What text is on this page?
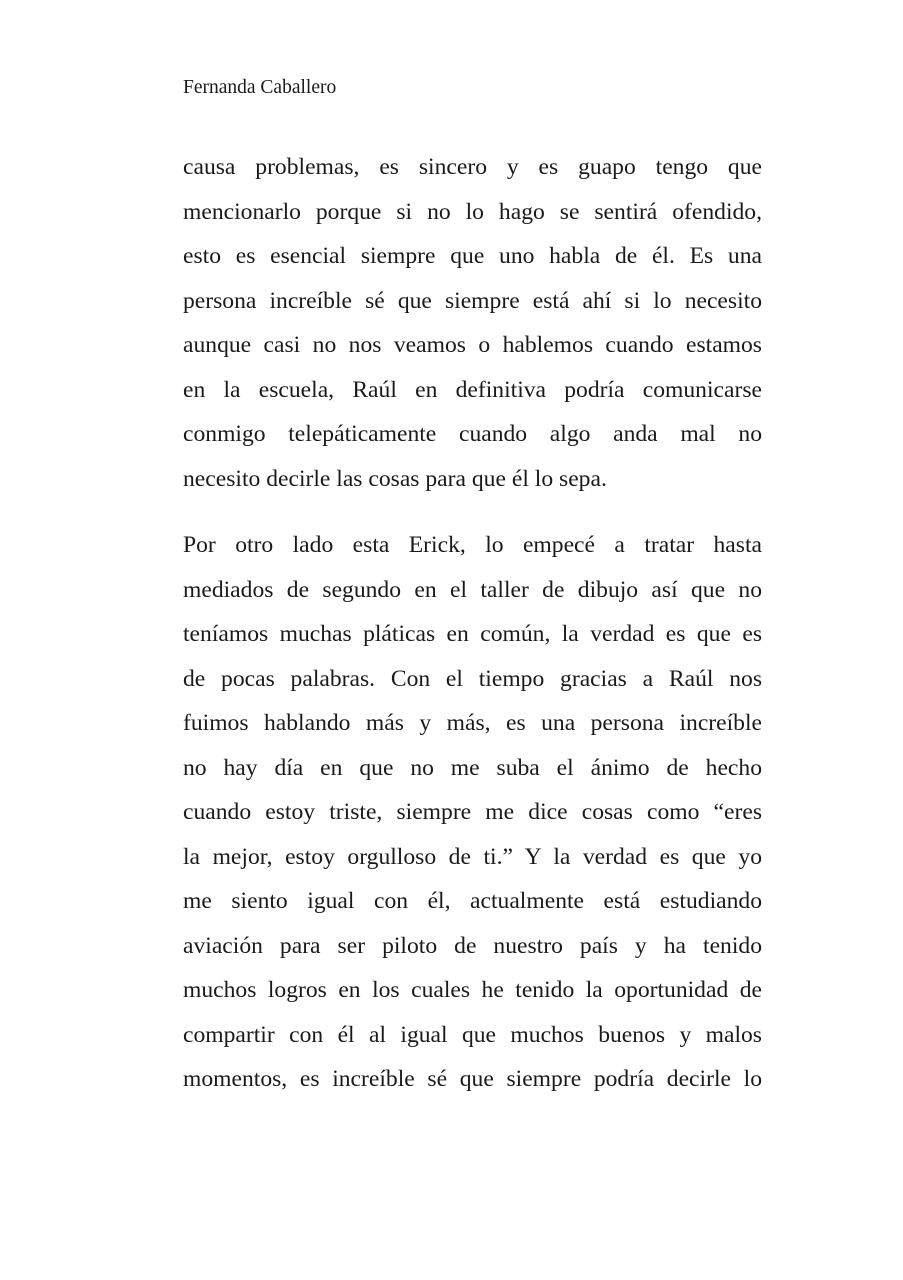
Fernanda Caballero

causa problemas, es sincero y es guapo tengo que
mencionarlo porque si no lo hago se sentirá ofendido,
esto es esencial siempre que uno habla de él. Es una
persona increíble sé que siempre está ahí si lo necesito
aunque casi no nos veamos o hablemos cuando estamos
en la escuela, Raúl en definitiva podría comunicarse
conmigo telepáticamente cuando algo anda mal no
necesito decirle las cosas para que él lo sepa.

Por otro lado esta Erick, lo empecé a tratar hasta
mediados de segundo en el taller de dibujo así que no
teníamos muchas pláticas en común, la verdad es que es
de pocas palabras. Con el tiempo gracias a Raúl nos
fuimos hablando más y más, es una persona increíble
no hay día en que no me suba el ánimo de hecho
cuando estoy triste, siempre me dice cosas como “eres
la mejor, estoy orgulloso de ti.” Y la verdad es que yo
me siento igual con él, actualmente está estudiando
aviación para ser piloto de nuestro país y ha tenido
muchos logros en los cuales he tenido la oportunidad de
compartir con él al igual que muchos buenos y malos
momentos, es increíble sé que siempre podría decirle lo
